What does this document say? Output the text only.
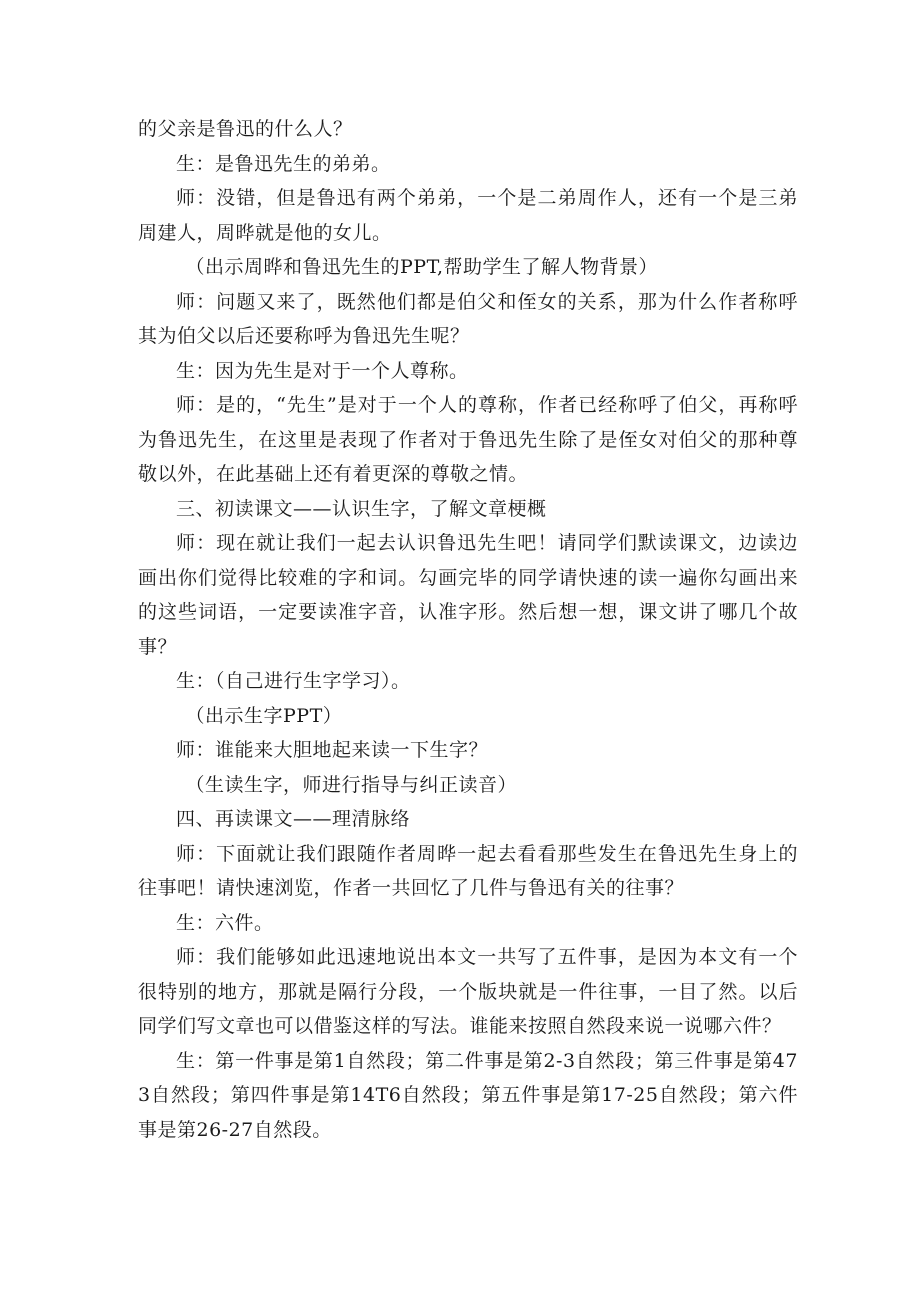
的父亲是鲁迅的什么人？

生：是鲁迅先生的弟弟。

师：没错，但是鲁迅有两个弟弟，一个是二弟周作人，还有一个是三弟周建人，周晔就是他的女儿。

（出示周晔和鲁迅先生的PPT,帮助学生了解人物背景）

师：问题又来了，既然他们都是伯父和侄女的关系，那为什么作者称呼其为伯父以后还要称呼为鲁迅先生呢？

生：因为先生是对于一个人尊称。

师：是的，“先生”是对于一个人的尊称，作者已经称呼了伯父，再称呼为鲁迅先生，在这里是表现了作者对于鲁迅先生除了是侄女对伯父的那种尊敬以外，在此基础上还有着更深的尊敬之情。

三、初读课文——认识生字，了解文章梗概

师：现在就让我们一起去认识鲁迅先生吧！请同学们默读课文，边读边画出你们觉得比较难的字和词。勾画完毕的同学请快速的读一遍你勾画出来的这些词语，一定要读准字音，认准字形。然后想一想，课文讲了哪几个故事？

生：（自己进行生字学习）。

（出示生字PPT）

师：谁能来大胆地起来读一下生字？

（生读生字，师进行指导与纠正读音）

四、再读课文——理清脉络

师：下面就让我们跟随作者周晔一起去看看那些发生在鲁迅先生身上的往事吧！请快速浏览，作者一共回忆了几件与鲁迅有关的往事？

生：六件。

师：我们能够如此迅速地说出本文一共写了五件事，是因为本文有一个很特别的地方，那就是隔行分段，一个版块就是一件往事，一目了然。以后同学们写文章也可以借鉴这样的写法。谁能来按照自然段来说一说哪六件？

生：第一件事是第1自然段；第二件事是第2-3自然段；第三件事是第473自然段；第四件事是第14T6自然段；第五件事是第17-25自然段；第六件事是第26-27自然段。
